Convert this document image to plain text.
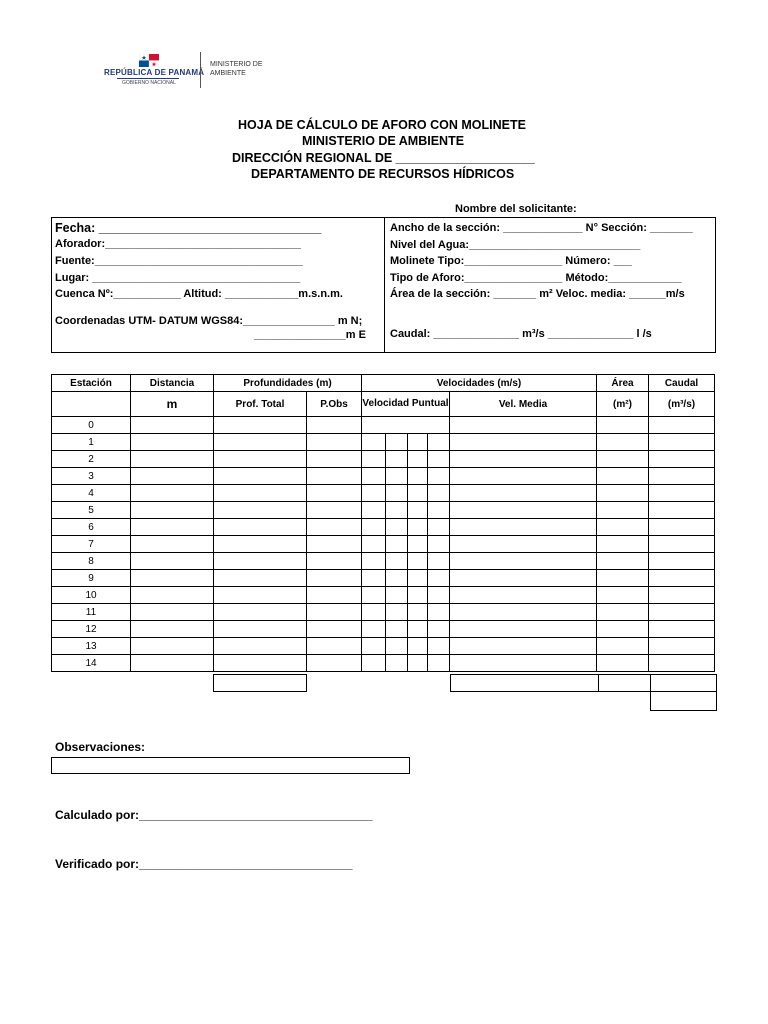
REPÚBLICA DE PANAMÁ
GOBIERNO NACIONAL
MINISTERIO DE
AMBIENTE
HOJA DE CÁLCULO DE AFORO CON MOLINETE
MINISTERIO DE AMBIENTE
DIRECCIÓN REGIONAL DE ____________________
DEPARTAMENTO DE RECURSOS HÍDRICOS
Nombre del solicitante:
Fecha: ________________________________
Aforador:________________________________
Fuente:__________________________________
Lugar: __________________________________
Cuenca Nº:___________ Altitud: ____________m.s.n.m.
Coordenadas UTM- DATUM WGS84:_______________ m N;
_______________m E
Ancho de la sección: _____________ N° Sección: _______
Nivel del Agua:____________________________
Molinete Tipo:________________ Número: ___
Tipo de Aforo:________________ Método:____________
Área de la sección: _______ m² Veloc. media: ______m/s
Caudal: ______________ m³/s ______________ l /s
Estación	Distancia	Profundidades (m)		Velocidades (m/s)					Área	Caudal
	m	Prof. Total	P.Obs	Velocidad Puntual				Vel. Media	(m²)	(m³/s)
0										
1										
2										
3										
4										
5										
6										
7										
8										
9										
10										
11										
12										
13										
14										
Observaciones:
Calculado por:___________________________________
Verificado por:________________________________
